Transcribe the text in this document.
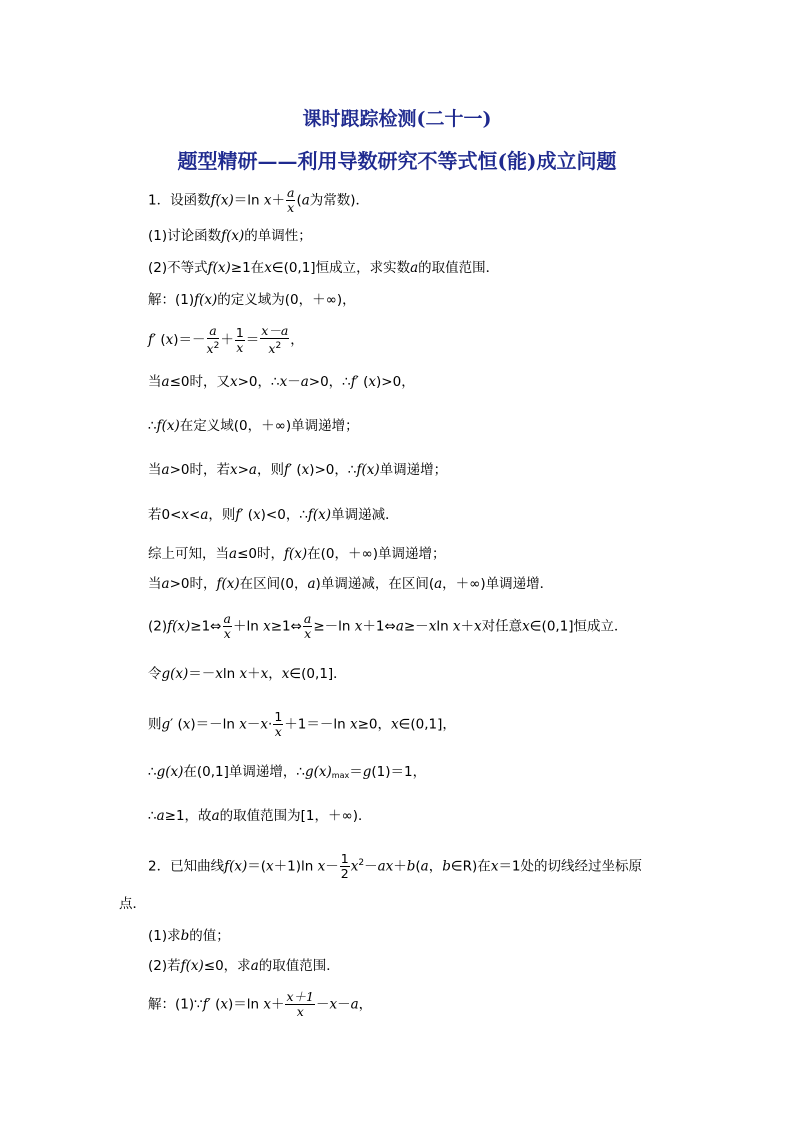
课时跟踪检测(二十一)
题型精研——利用导数研究不等式恒(能)成立问题
1．设函数f(x)＝ln $x+ \frac{a}{x} (a$为常数)．
(1)讨论函数f(x)的单调性；
(2)不等式f(x)≥1在x∈(0,1]恒成立，求实数a的取值范围．
解：(1)f(x)的定义域为(0，＋∞)，
f′ $(x)=- \frac{a}{x^2} + \frac{1}{x} = \frac{x-a}{x^2}$ ，
当a≤0时，又x>0，∴x－a>0，∴f′ (x)>0，
∴f(x)在定义域(0，＋∞)单调递增；
当a>0时，若x>a，则f′ (x)>0，∴f(x)单调递增；
若0<x<a，则f′ (x)<0，∴f(x)单调递减．
综上可知，当a≤0时，f(x)在(0，＋∞)单调递增；
当a>0时，f(x)在区间(0，a)单调递减，在区间(a，＋∞)单调递增．
(2)f(x)≥1⇔ $\frac{a}{x} +\ln$ x≥1⇔ $\frac{a}{x} \ge-\ln$ x＋1⇔a≥－xln x＋x对任意x∈(0,1]恒成立．
令g(x)＝－xln x＋x，x∈(0,1]．
则g′ (x)＝－ln $x-x\cdot \frac{1}{x} +1=-\ln$ x≥0，x∈(0,1]，
∴g(x)在(0,1]单调递增，$\therefore g(x)_{max}=g(1)=1$，
∴a≥1，故a的取值范围为[1，＋∞)．
2．已知曲线f(x)＝(x＋1)ln $x- \frac{1}{2} x^2-ax+b(a$，b∈R)在x＝1处的切线经过坐标原
点．
(1)求b的值；
(2)若f(x)≤0，求a的取值范围．
解：(1)∵f′ (x)＝ln $x+ \frac{x+1}{x} -x-a$，
